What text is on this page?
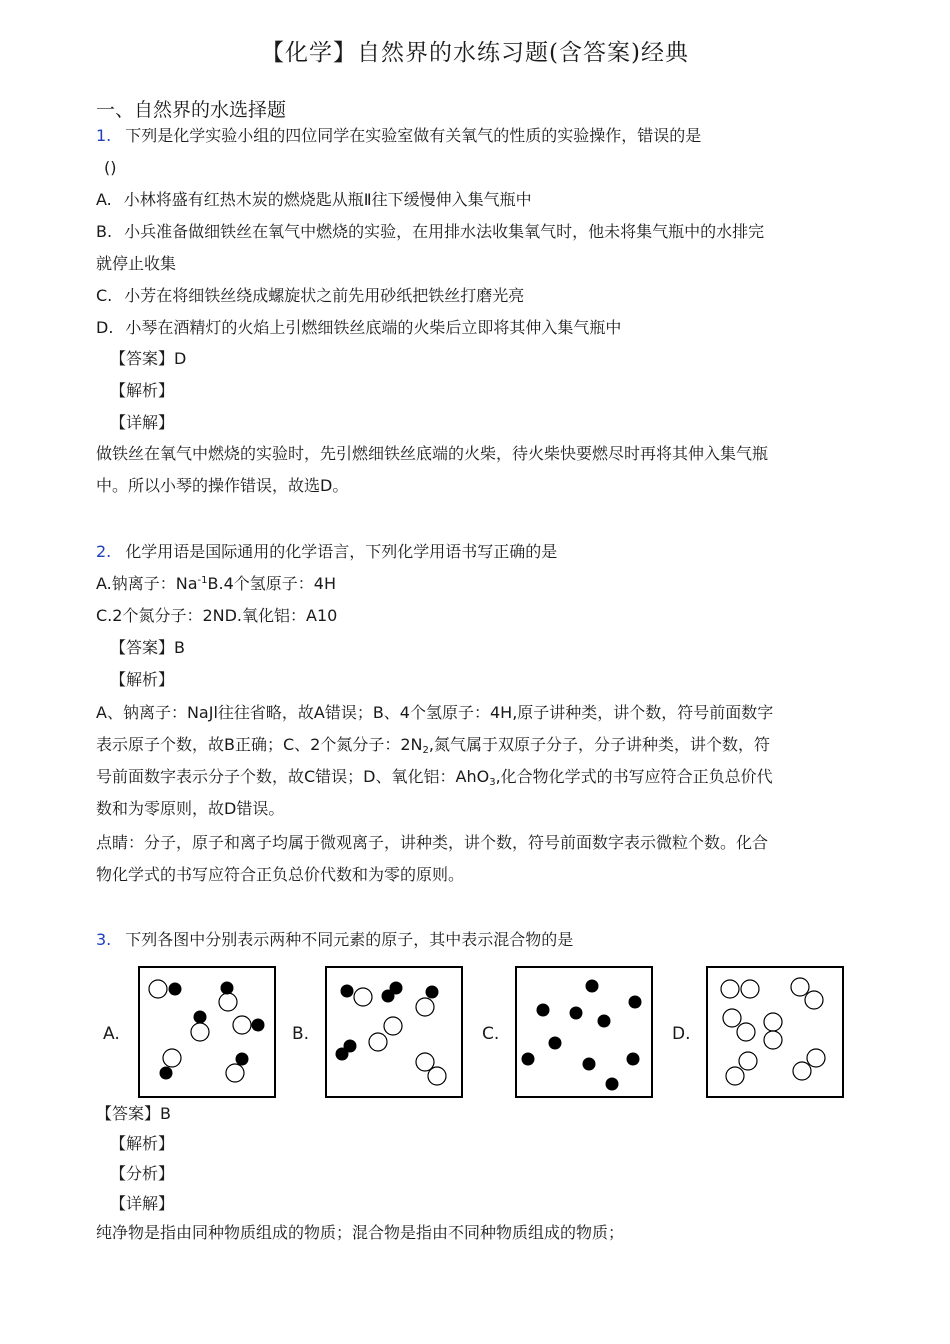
【化学】自然界的水练习题(含答案)经典
一、自然界的水选择题
1. 下列是化学实验小组的四位同学在实验室做有关氧气的性质的实验操作，错误的是
()
A. 小林将盛有红热木炭的燃烧匙从瓶Ⅱ往下缓慢伸入集气瓶中
B. 小兵准备做细铁丝在氧气中燃烧的实验，在用排水法收集氧气时，他未将集气瓶中的水排完
就停止收集
C. 小芳在将细铁丝绕成螺旋状之前先用砂纸把铁丝打磨光亮
D. 小琴在酒精灯的火焰上引燃细铁丝底端的火柴后立即将其伸入集气瓶中
【答案】D
【解析】
【详解】
做铁丝在氧气中燃烧的实验时，先引燃细铁丝底端的火柴，待火柴快要燃尽时再将其伸入集气瓶
中。所以小琴的操作错误，故选D。
2. 化学用语是国际通用的化学语言，下列化学用语书写正确的是
A.钠离子：$Na^{-1}B.4$个氢原子：4H
C.2个氮分子：2ND.氧化铝：A10
【答案】B
【解析】
A、钠离子：NaJl往往省略，故A错误；B、4个氢原子：4H,原子讲种类，讲个数，符号前面数字
表示原子个数，故B正确；C、2个氮分子：$2N_2$,氮气属于双原子分子，分子讲种类，讲个数，符
号前面数字表示分子个数，故C错误；D、氧化铝：AhO$_3$,化合物化学式的书写应符合正负总价代
数和为零原则，故D错误。
点睛：分子，原子和离子均属于微观离子，讲种类，讲个数，符号前面数字表示微粒个数。化合
物化学式的书写应符合正负总价代数和为零的原则。
3. 下列各图中分别表示两种不同元素的原子，其中表示混合物的是
A.	B.	C.	D.
【答案】B
【解析】
【分析】
【详解】
纯净物是指由同种物质组成的物质；混合物是指由不同种物质组成的物质；
